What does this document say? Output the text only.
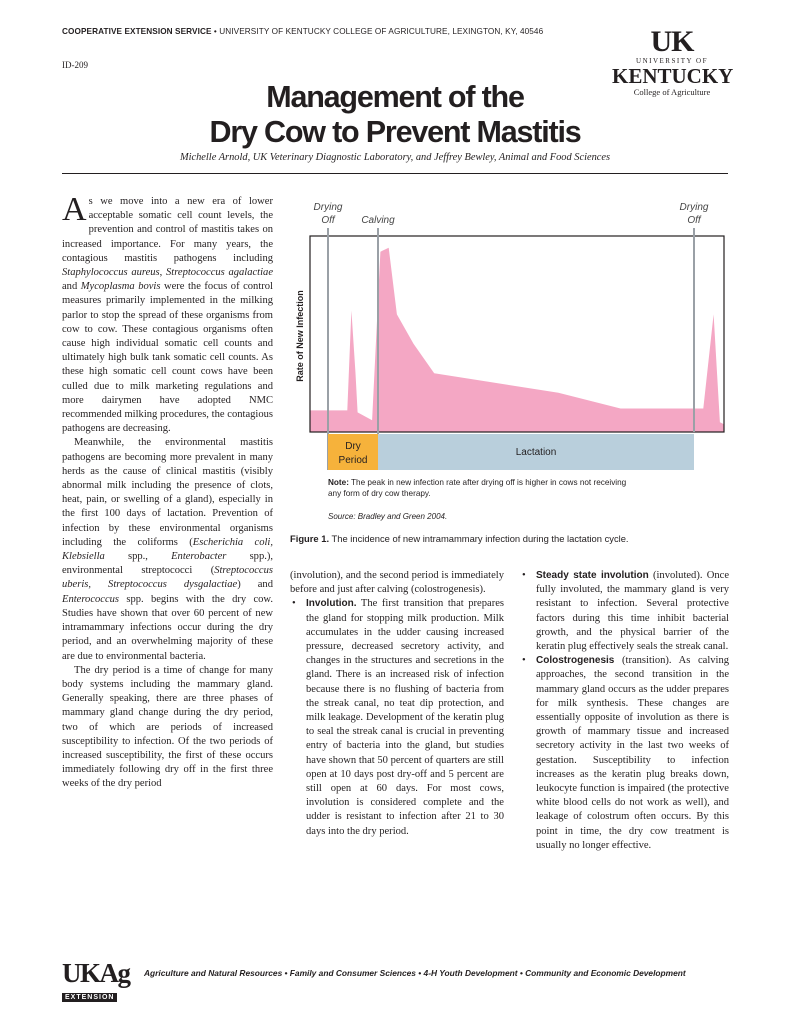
COOPERATIVE EXTENSION SERVICE • UNIVERSITY OF KENTUCKY COLLEGE OF AGRICULTURE, LEXINGTON, KY, 40546
ID-209
UK
UNIVERSITY OF
KENTUCKY
College of Agriculture
Management of the
Dry Cow to Prevent Mastitis
Michelle Arnold, UK Veterinary Diagnostic Laboratory, and Jeffrey Bewley, Animal and Food Sciences

As we move into a new era of lower acceptable somatic cell count levels, the prevention and control of mastitis takes on increased importance. For many years, the contagious mastitis pathogens including Staphylococcus aureus, Streptococcus agalactiae and Mycoplasma bovis were the focus of control measures primarily implemented in the milking parlor to stop the spread of these organisms from cow to cow. These contagious organisms often cause high individual somatic cell counts and ultimately high bulk tank somatic cell counts. As these high somatic cell count cows have been culled due to milk marketing regulations and more dairymen have adopted NMC recommended milking procedures, the contagious pathogens are decreasing.

Meanwhile, the environmental mastitis pathogens are becoming more prevalent in many herds as the cause of clinical mastitis (visibly abnormal milk including the presence of clots, heat, pain, or swelling of a gland), especially in the first 100 days of lactation. Prevention of infection by these environmental organisms including the coliforms (Escherichia coli, Klebsiella spp., Enterobacter spp.), environmental streptococci (Streptococcus uberis, Streptococcus dysgalactiae) and Enterococcus spp. begins with the dry cow. Studies have shown that over 60 percent of new intramammary infections occur during the dry period, and an overwhelming majority of these are due to environmental bacteria.

The dry period is a time of change for many body systems including the mammary gland. Generally speaking, there are three phases of mammary gland change during the dry period, two of which are periods of increased susceptibility to infection. Of the two periods of increased susceptibility, the first of these occurs immediately following dry off in the first three weeks of the dry period

Drying
Off	Calving
Drying
Off
Rate of New Infection
Dry
Period
Lactation
Note: The peak in new infection rate after drying off is higher in cows not receiving
any form of dry cow therapy.
Source: Bradley and Green 2004.
Figure 1. The incidence of new intramammary infection during the lactation cycle.

(involution), and the second period is immediately before and just after calving (colostrogenesis).

• Involution. The first transition that prepares the gland for stopping milk production. Milk accumulates in the udder causing increased pressure, decreased secretory activity, and changes in the structures and secretions in the gland. There is an increased risk of infection because there is no flushing of bacteria from the streak canal, no teat dip protection, and milk leakage. Development of the keratin plug to seal the streak canal is crucial in preventing entry of bacteria into the gland, but studies have shown that 50 percent of quarters are still open at 10 days post dry-off and 5 percent are still open at 60 days. For most cows, involution is considered complete and the udder is resistant to infection after 21 to 30 days into the dry period.
• Steady state involution (involuted). Once fully involuted, the mammary gland is very resistant to infection. Several protective factors during this time inhibit bacterial growth, and the physical barrier of the keratin plug effectively seals the streak canal.
• Colostrogenesis (transition). As calving approaches, the second transition in the mammary gland occurs as the udder prepares for milk synthesis. These changes are essentially opposite of involution as there is growth of mammary tissue and increased secretory activity in the last two weeks of gestation. Susceptibility to infection increases as the keratin plug breaks down, leukocyte function is impaired (the protective white blood cells do not work as well), and leakage of colostrum often occurs. By this point in time, the dry cow treatment is usually no longer effective.
UKAg
EXTENSION
Agriculture and Natural Resources • Family and Consumer Sciences • 4-H Youth Development • Community and Economic Development
